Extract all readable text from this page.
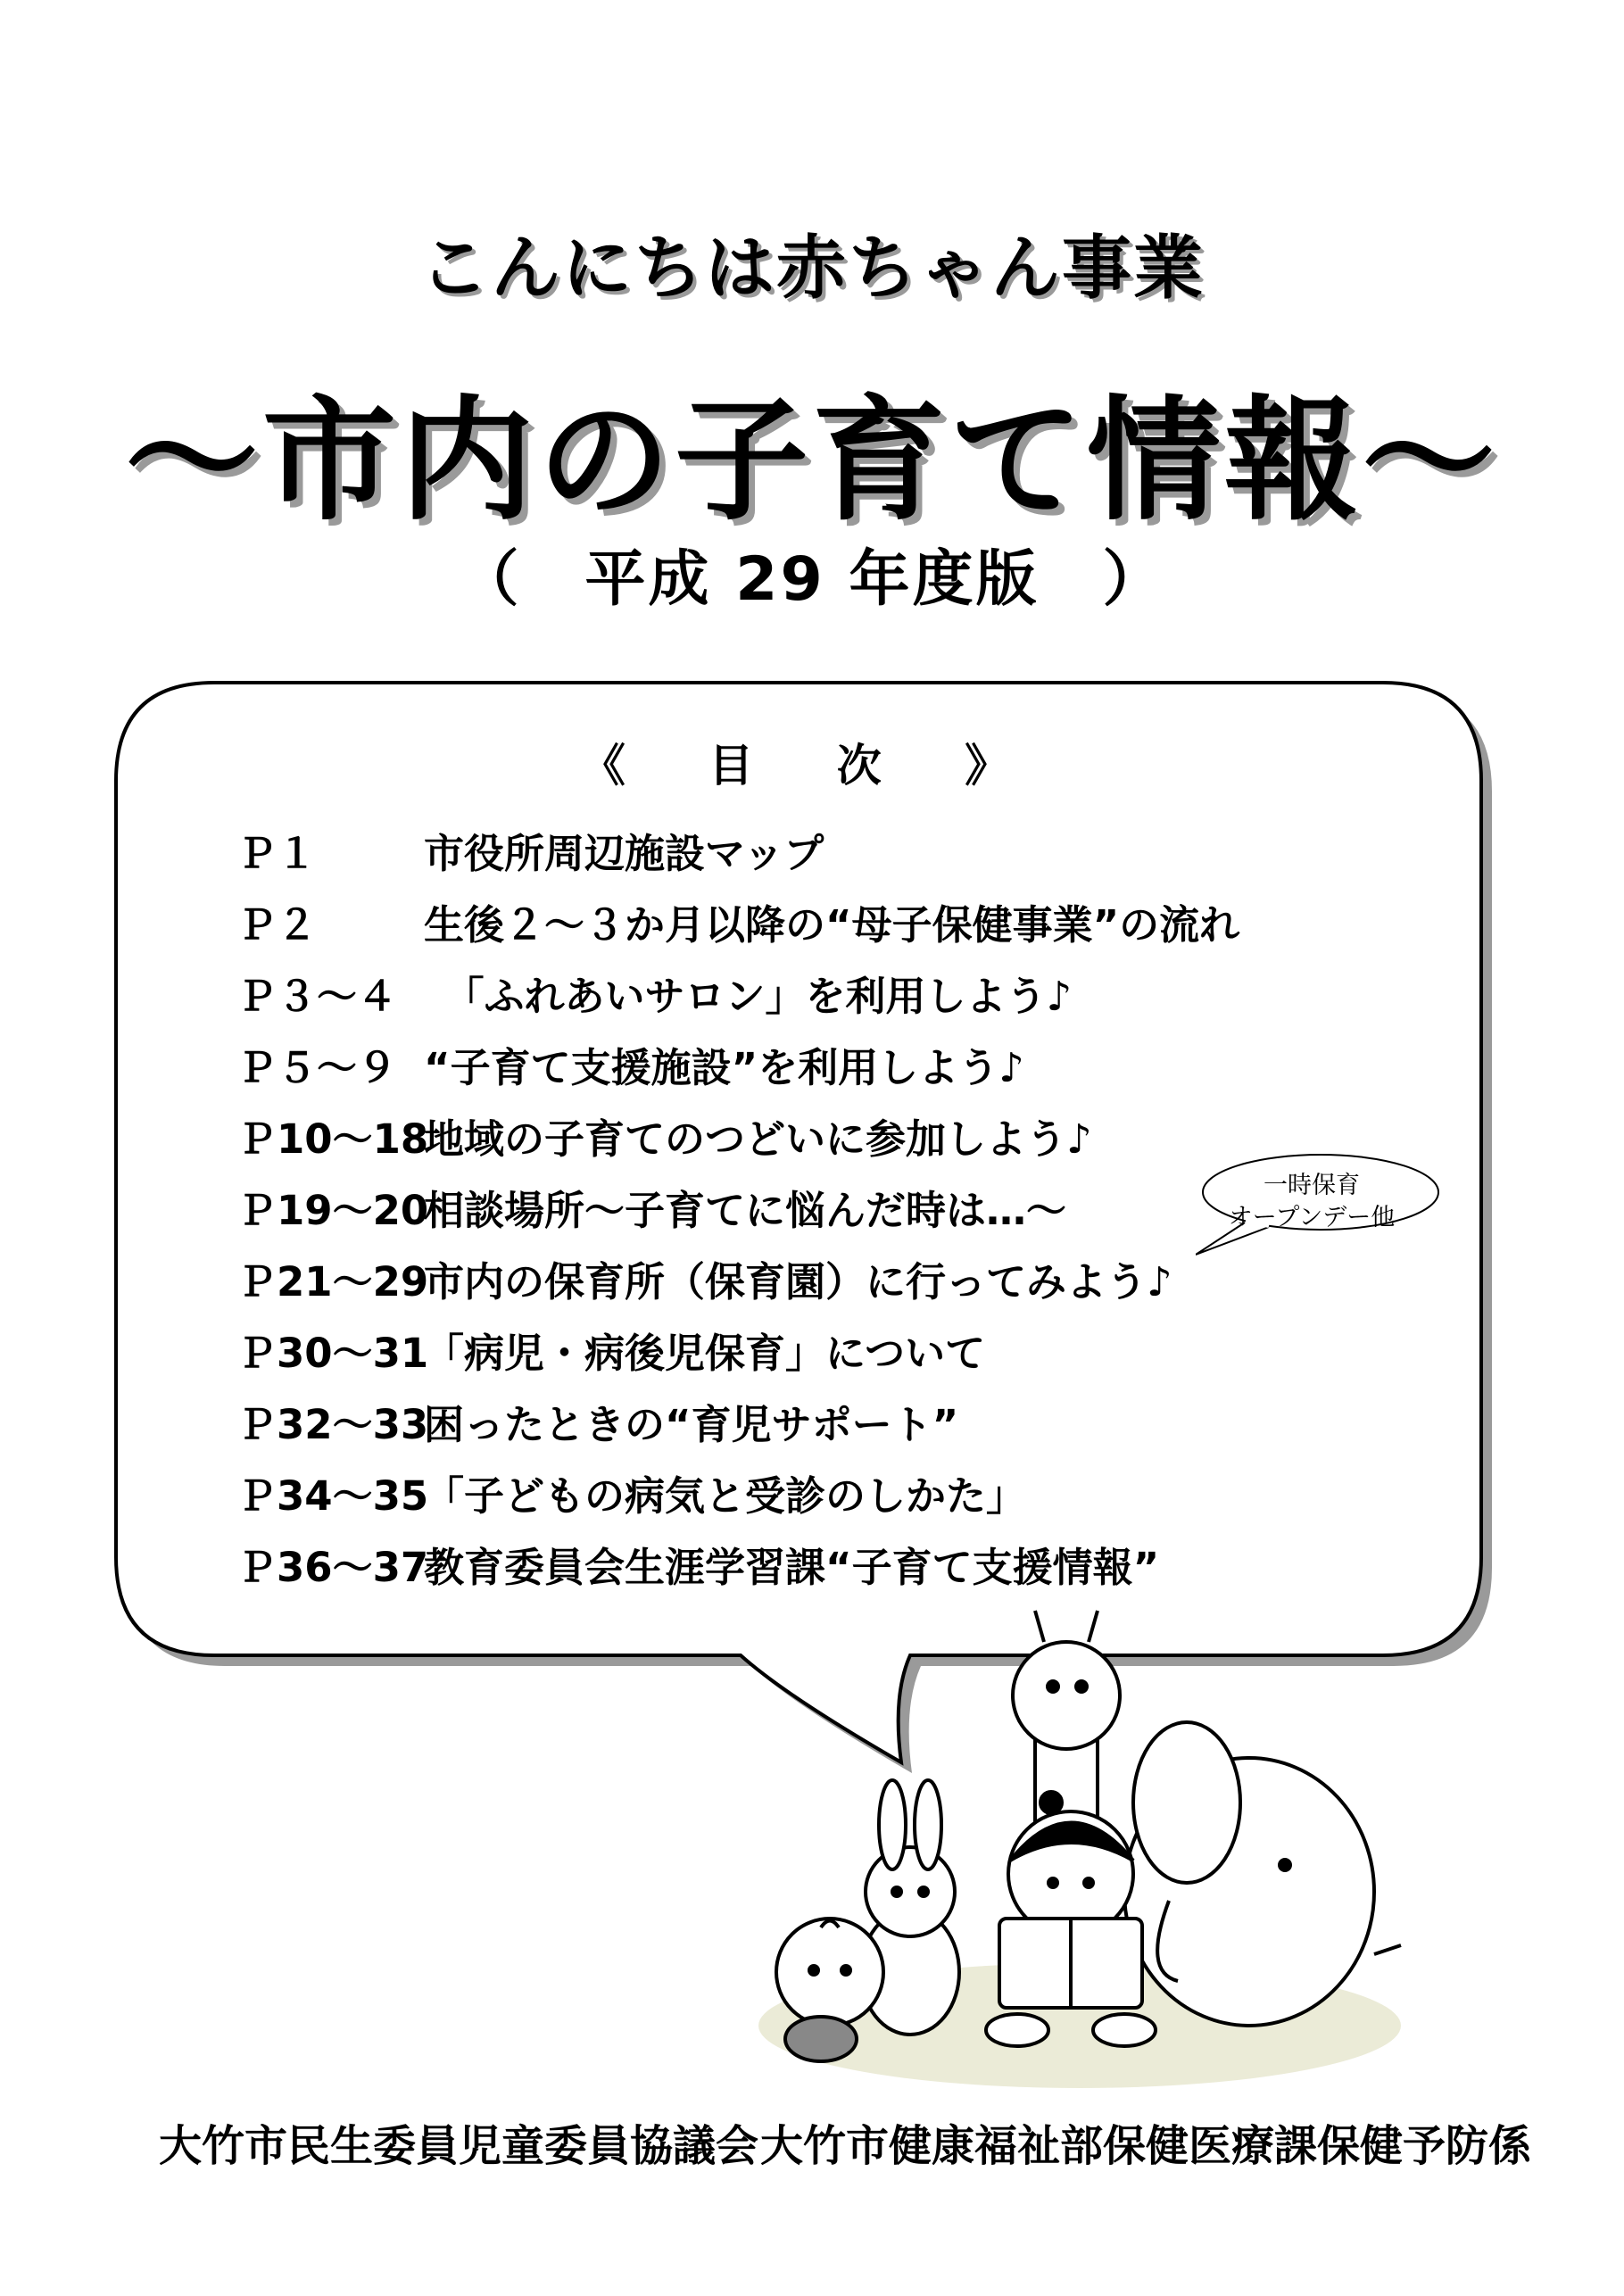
こんにちは赤ちゃん事業
～市内の子育て情報～
（　平成 29 年度版　）
《 目 次 》
Ｐ１	市役所周辺施設マップ
Ｐ２	生後２～３か月以降の“母子保健事業”の流れ
Ｐ３～４ 　「ふれあいサロン」を利用しよう♪
Ｐ５～９ “子育て支援施設”を利用しよう♪
Ｐ10～18
地域の子育てのつどいに参加しよう♪
Ｐ19～20
相談場所～子育てに悩んだ時は…～
Ｐ21～29
市内の保育所（保育園）に行ってみよう♪
Ｐ30～31
「病児・病後児保育」について
Ｐ32～33
困ったときの“育児サポート”
Ｐ34～35
「子どもの病気と受診のしかた」
Ｐ36～37
教育委員会生涯学習課“子育て支援情報”
一時保育
オープンデー他
大竹市民生委員児童委員協議会 大竹市健康福祉部保健医療課保健予防係
